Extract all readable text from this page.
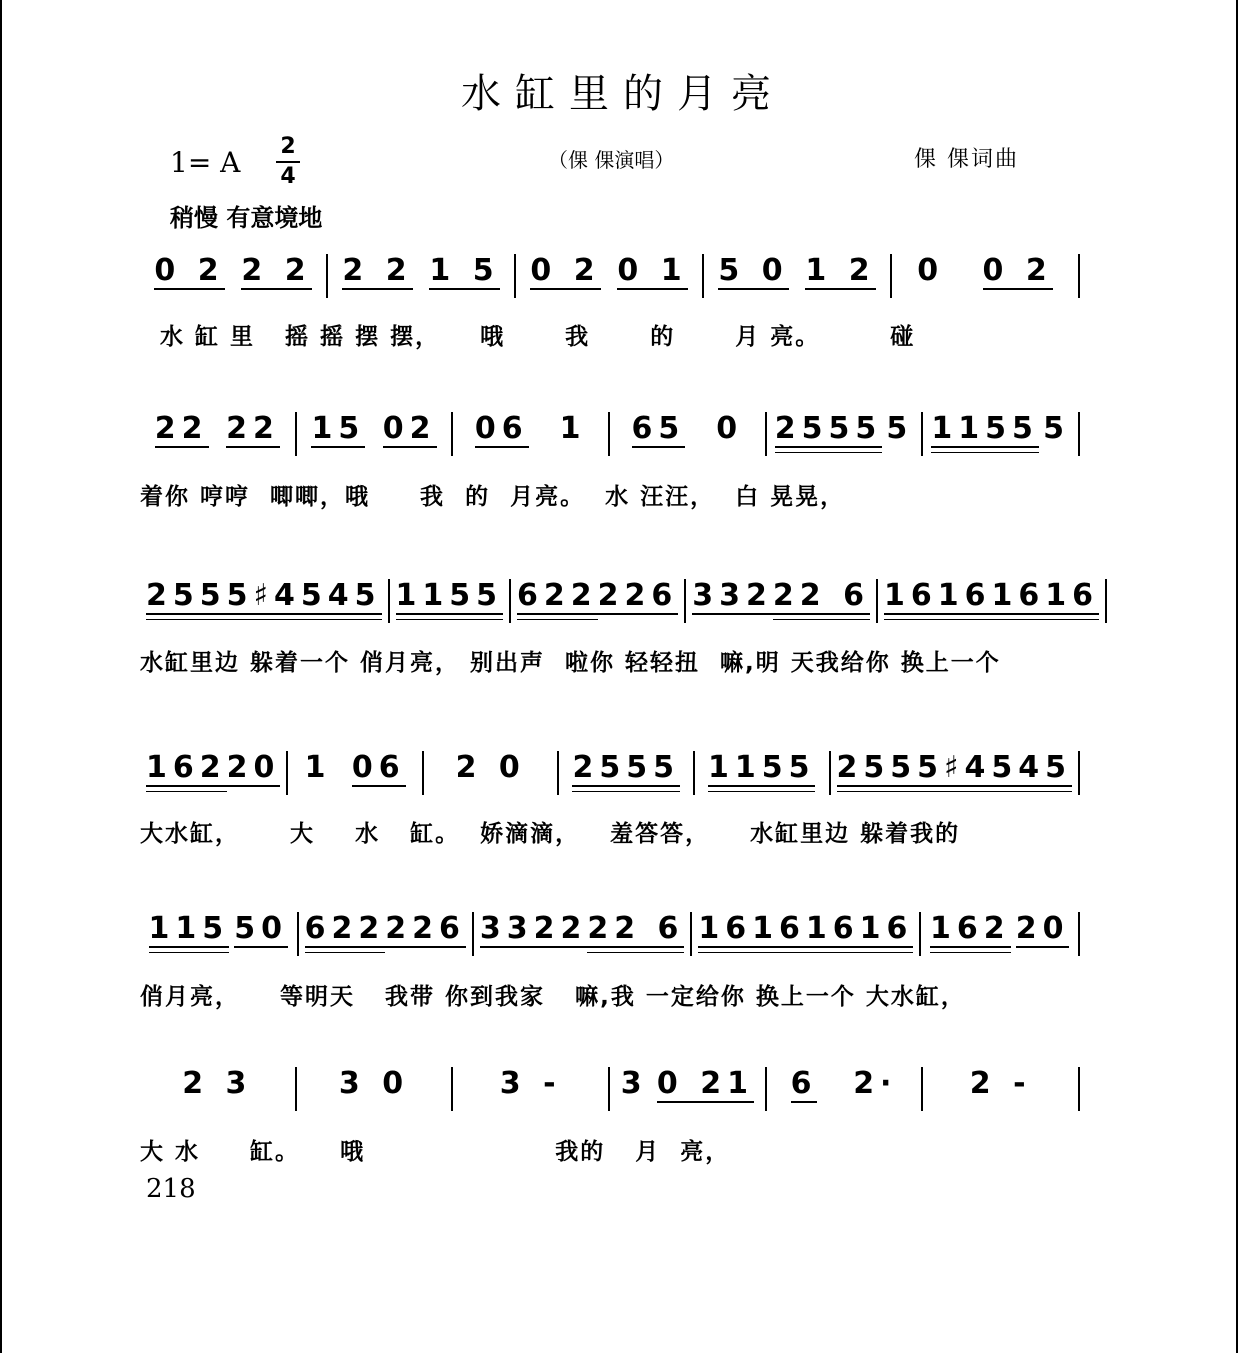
水缸里的月亮
1= A 2
4
（倮 倮演唱）	倮 倮词曲
稍慢 有意境地
0 2 2 2 2 2 1 5 0 2 0 1 5 0 1 2 0 0 2
水 缸 里   摇 摇 摆 摆，    哦      我      的      月 亮。       碰
22 22 15 02 06 1 65 0 2555 5 1155 5
着你 哼哼  唧唧，哦     我  的  月亮。  水 汪汪，  白 晃晃，
2555 ♯4545 1155 622 226 332 22 6 1616 1616
水缸里边 躲着一个 俏月亮， 别出声  啦你 轻轻扭  嘛,明 天我给你 换上一个
162 20 1 06 2 0 2555 1155 2555 ♯4545
大水缸，     大    水   缸。  娇滴滴，   羞答答，    水缸里边 躲着我的
115 50 622 226 3322 22 6 1616 1616 162 20
俏月亮，    等明天   我带 你到我家   嘛,我 一定给你 换上一个 大水缸，
2 3	3 0	3 - 3 0 21 6 2· 2 -
大 水     缸。    哦                   我的   月  亮，
218
